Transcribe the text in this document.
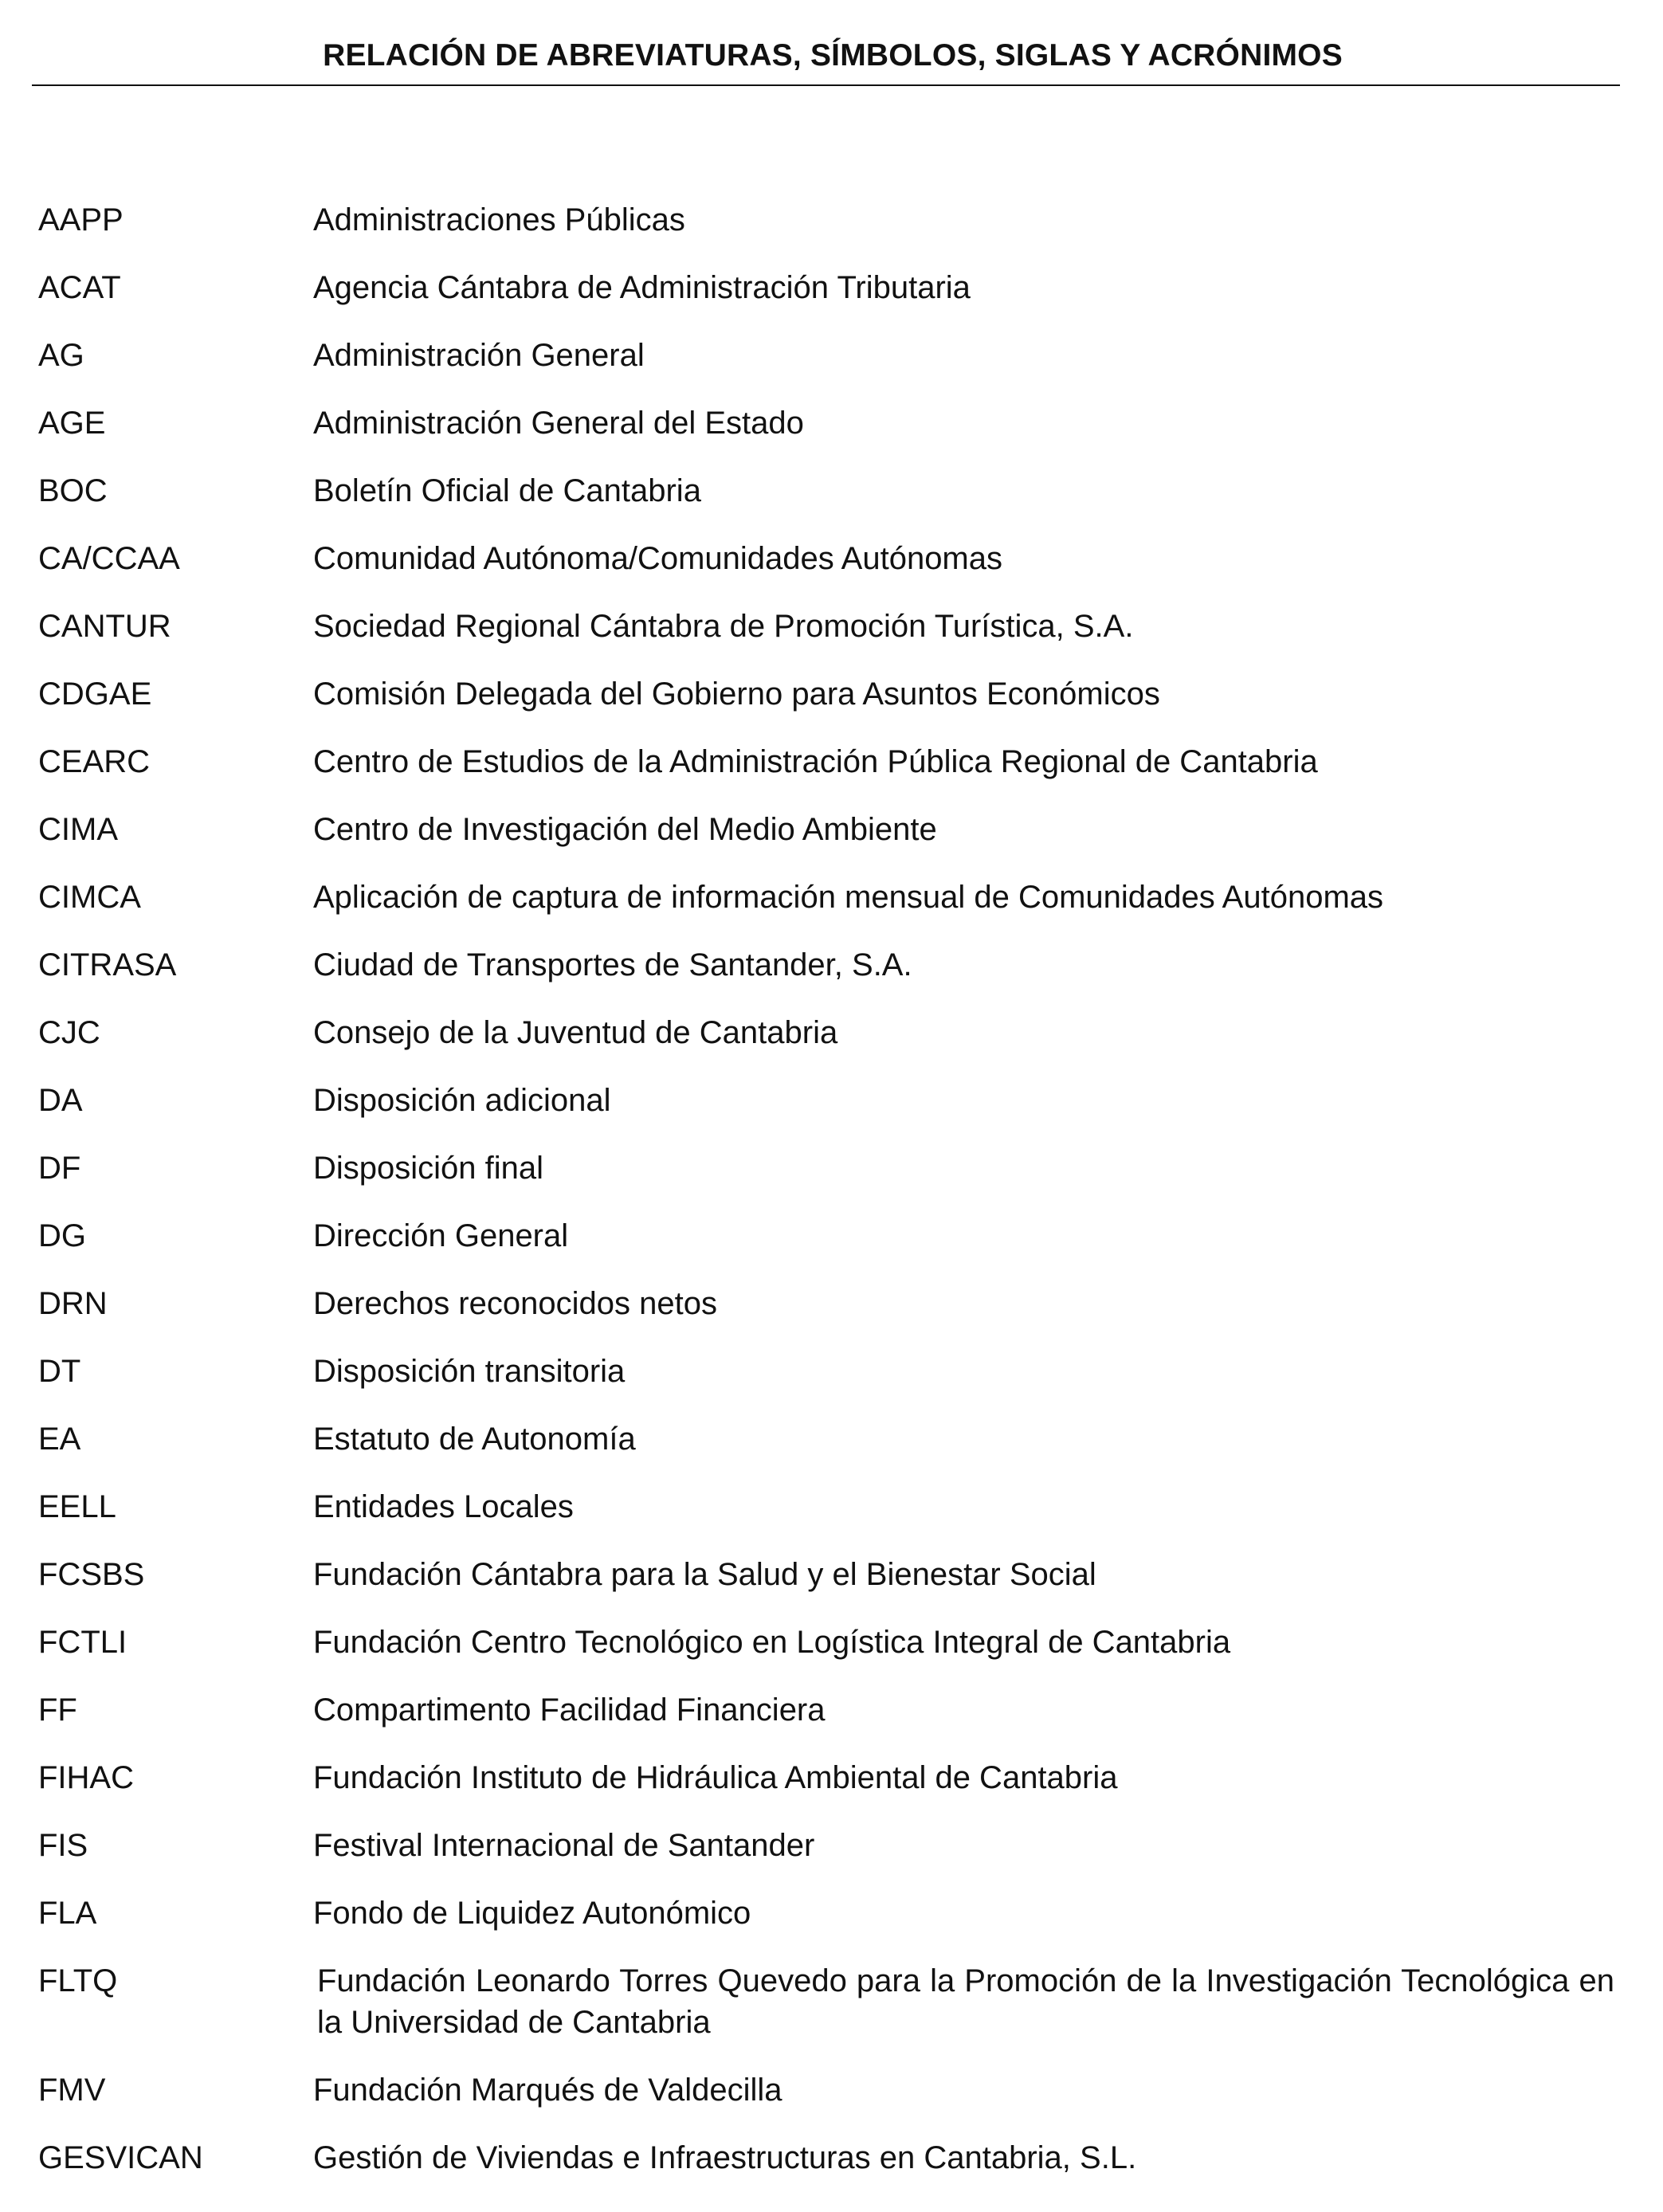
RELACIÓN DE ABREVIATURAS, SÍMBOLOS, SIGLAS Y ACRÓNIMOS
AAPP	Administraciones Públicas
ACAT	Agencia Cántabra de Administración Tributaria
AG	Administración General
AGE	Administración General del Estado
BOC	Boletín Oficial de Cantabria
CA/CCAA	Comunidad Autónoma/Comunidades Autónomas
CANTUR	Sociedad Regional Cántabra de Promoción Turística, S.A.
CDGAE	Comisión Delegada del Gobierno para Asuntos Económicos
CEARC	Centro de Estudios de la Administración Pública Regional de Cantabria
CIMA	Centro de Investigación del Medio Ambiente
CIMCA	Aplicación de captura de información mensual de Comunidades Autónomas
CITRASA	Ciudad de Transportes de Santander, S.A.
CJC	Consejo de la Juventud de Cantabria
DA	Disposición adicional
DF	Disposición final
DG	Dirección General
DRN	Derechos reconocidos netos
DT	Disposición transitoria
EA	Estatuto de Autonomía
EELL	Entidades Locales
FCSBS	Fundación Cántabra para la Salud y el Bienestar Social
FCTLI	Fundación Centro Tecnológico en Logística Integral de Cantabria
FF	Compartimento Facilidad Financiera
FIHAC	Fundación Instituto de Hidráulica Ambiental de Cantabria
FIS	Festival Internacional de Santander
FLA	Fondo de Liquidez Autonómico
FLTQ	Fundación Leonardo Torres Quevedo para la Promoción de la Investigación Tecnológica en la Universidad de Cantabria
FMV	Fundación Marqués de Valdecilla
GESVICAN	Gestión de Viviendas e Infraestructuras en Cantabria, S.L.
